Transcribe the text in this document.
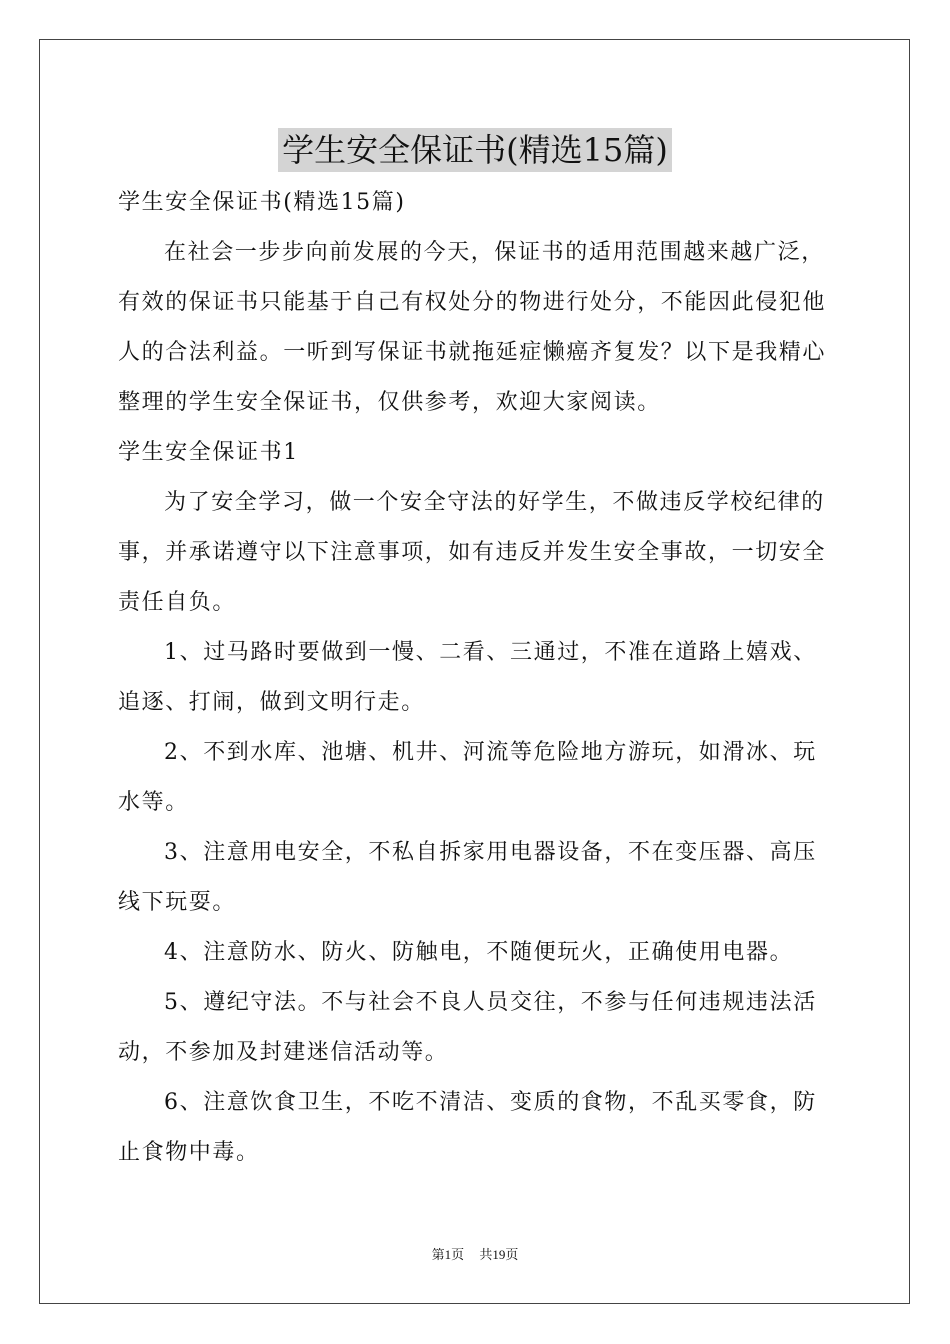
学生安全保证书(精选15篇)

学生安全保证书(精选15篇)

在社会一步步向前发展的今天，保证书的适用范围越来越广泛，有效的保证书只能基于自己有权处分的物进行处分，不能因此侵犯他人的合法利益。一听到写保证书就拖延症懒癌齐复发？以下是我精心整理的学生安全保证书，仅供参考，欢迎大家阅读。

学生安全保证书1

为了安全学习，做一个安全守法的好学生，不做违反学校纪律的事，并承诺遵守以下注意事项，如有违反并发生安全事故，一切安全责任自负。

1、过马路时要做到一慢、二看、三通过，不准在道路上嬉戏、追逐、打闹，做到文明行走。

2、不到水库、池塘、机井、河流等危险地方游玩，如滑冰、玩水等。

3、注意用电安全，不私自拆家用电器设备，不在变压器、高压线下玩耍。

4、注意防水、防火、防触电，不随便玩火，正确使用电器。

5、遵纪守法。不与社会不良人员交往，不参与任何违规违法活动，不参加及封建迷信活动等。

6、注意饮食卫生，不吃不清洁、变质的食物，不乱买零食，防止食物中毒。

第1页 共19页
